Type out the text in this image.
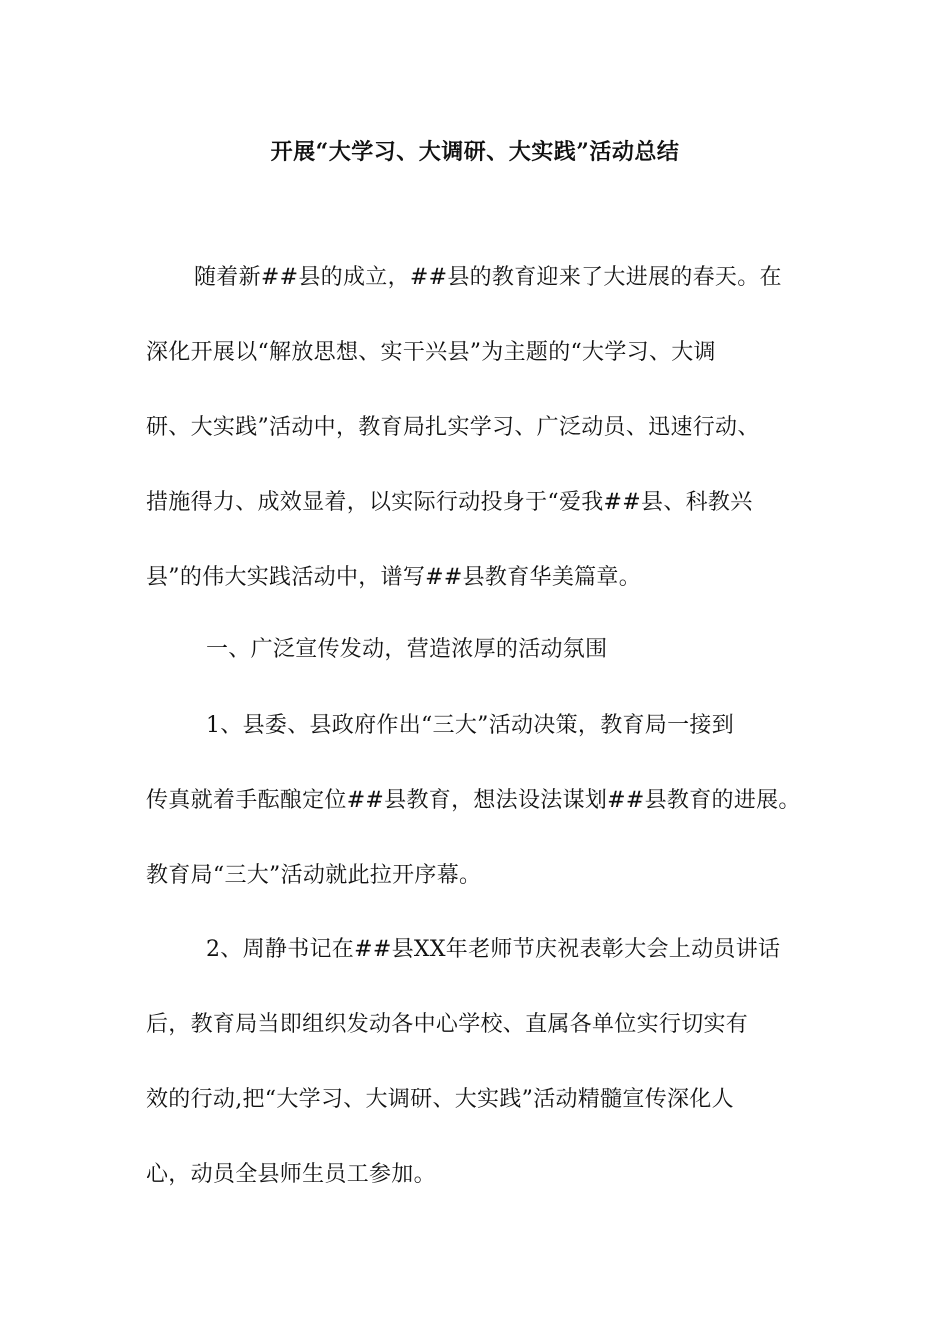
开展“大学习、大调研、大实践”活动总结
随着新##县的成立，##县的教育迎来了大进展的春天。在
深化开展以“解放思想、实干兴县”为主题的“大学习、大调
研、大实践”活动中，教育局扎实学习、广泛动员、迅速行动、
措施得力、成效显着，以实际行动投身于“爱我##县、科教兴
县”的伟大实践活动中，谱写##县教育华美篇章。
一、广泛宣传发动，营造浓厚的活动氛围
1、县委、县政府作出“三大”活动决策，教育局一接到
传真就着手酝酿定位##县教育，想法设法谋划##县教育的进展。
教育局“三大”活动就此拉开序幕。
2、周静书记在##县XX年老师节庆祝表彰大会上动员讲话
后，教育局当即组织发动各中心学校、直属各单位实行切实有
效的行动,把“大学习、大调研、大实践”活动精髓宣传深化人
心，动员全县师生员工参加。
